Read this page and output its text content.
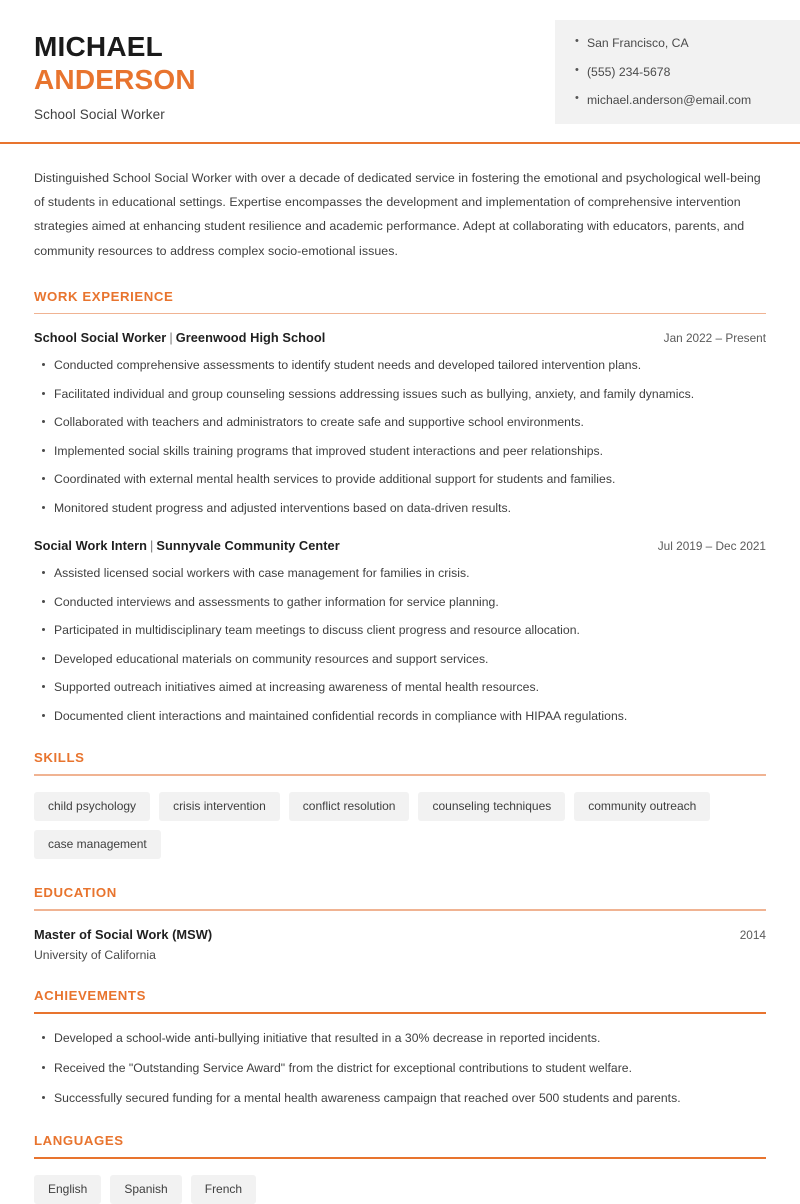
MICHAEL
ANDERSON
School Social Worker
• San Francisco, CA
• (555) 234-5678
• michael.anderson@email.com

Distinguished School Social Worker with over a decade of dedicated service in fostering the emotional and psychological well-being of students in educational settings. Expertise encompasses the development and implementation of comprehensive intervention strategies aimed at enhancing student resilience and academic performance. Adept at collaborating with educators, parents, and community resources to address complex socio-emotional issues.

WORK EXPERIENCE
School Social Worker | Greenwood High School	Jan 2022 – Present
Conducted comprehensive assessments to identify student needs and developed tailored intervention plans.
Facilitated individual and group counseling sessions addressing issues such as bullying, anxiety, and family dynamics.
Collaborated with teachers and administrators to create safe and supportive school environments.
Implemented social skills training programs that improved student interactions and peer relationships.
Coordinated with external mental health services to provide additional support for students and families.
Monitored student progress and adjusted interventions based on data-driven results.
Social Work Intern | Sunnyvale Community Center	Jul 2019 – Dec 2021
Assisted licensed social workers with case management for families in crisis.
Conducted interviews and assessments to gather information for service planning.
Participated in multidisciplinary team meetings to discuss client progress and resource allocation.
Developed educational materials on community resources and support services.
Supported outreach initiatives aimed at increasing awareness of mental health resources.
Documented client interactions and maintained confidential records in compliance with HIPAA regulations.
SKILLS
child psychology	crisis intervention	conflict resolution	counseling techniques	community outreach
case management
EDUCATION
Master of Social Work (MSW)	2014
University of California
ACHIEVEMENTS
Developed a school-wide anti-bullying initiative that resulted in a 30% decrease in reported incidents.
Received the "Outstanding Service Award" from the district for exceptional contributions to student welfare.
Successfully secured funding for a mental health awareness campaign that reached over 500 students and parents.
LANGUAGES
English	Spanish	French
